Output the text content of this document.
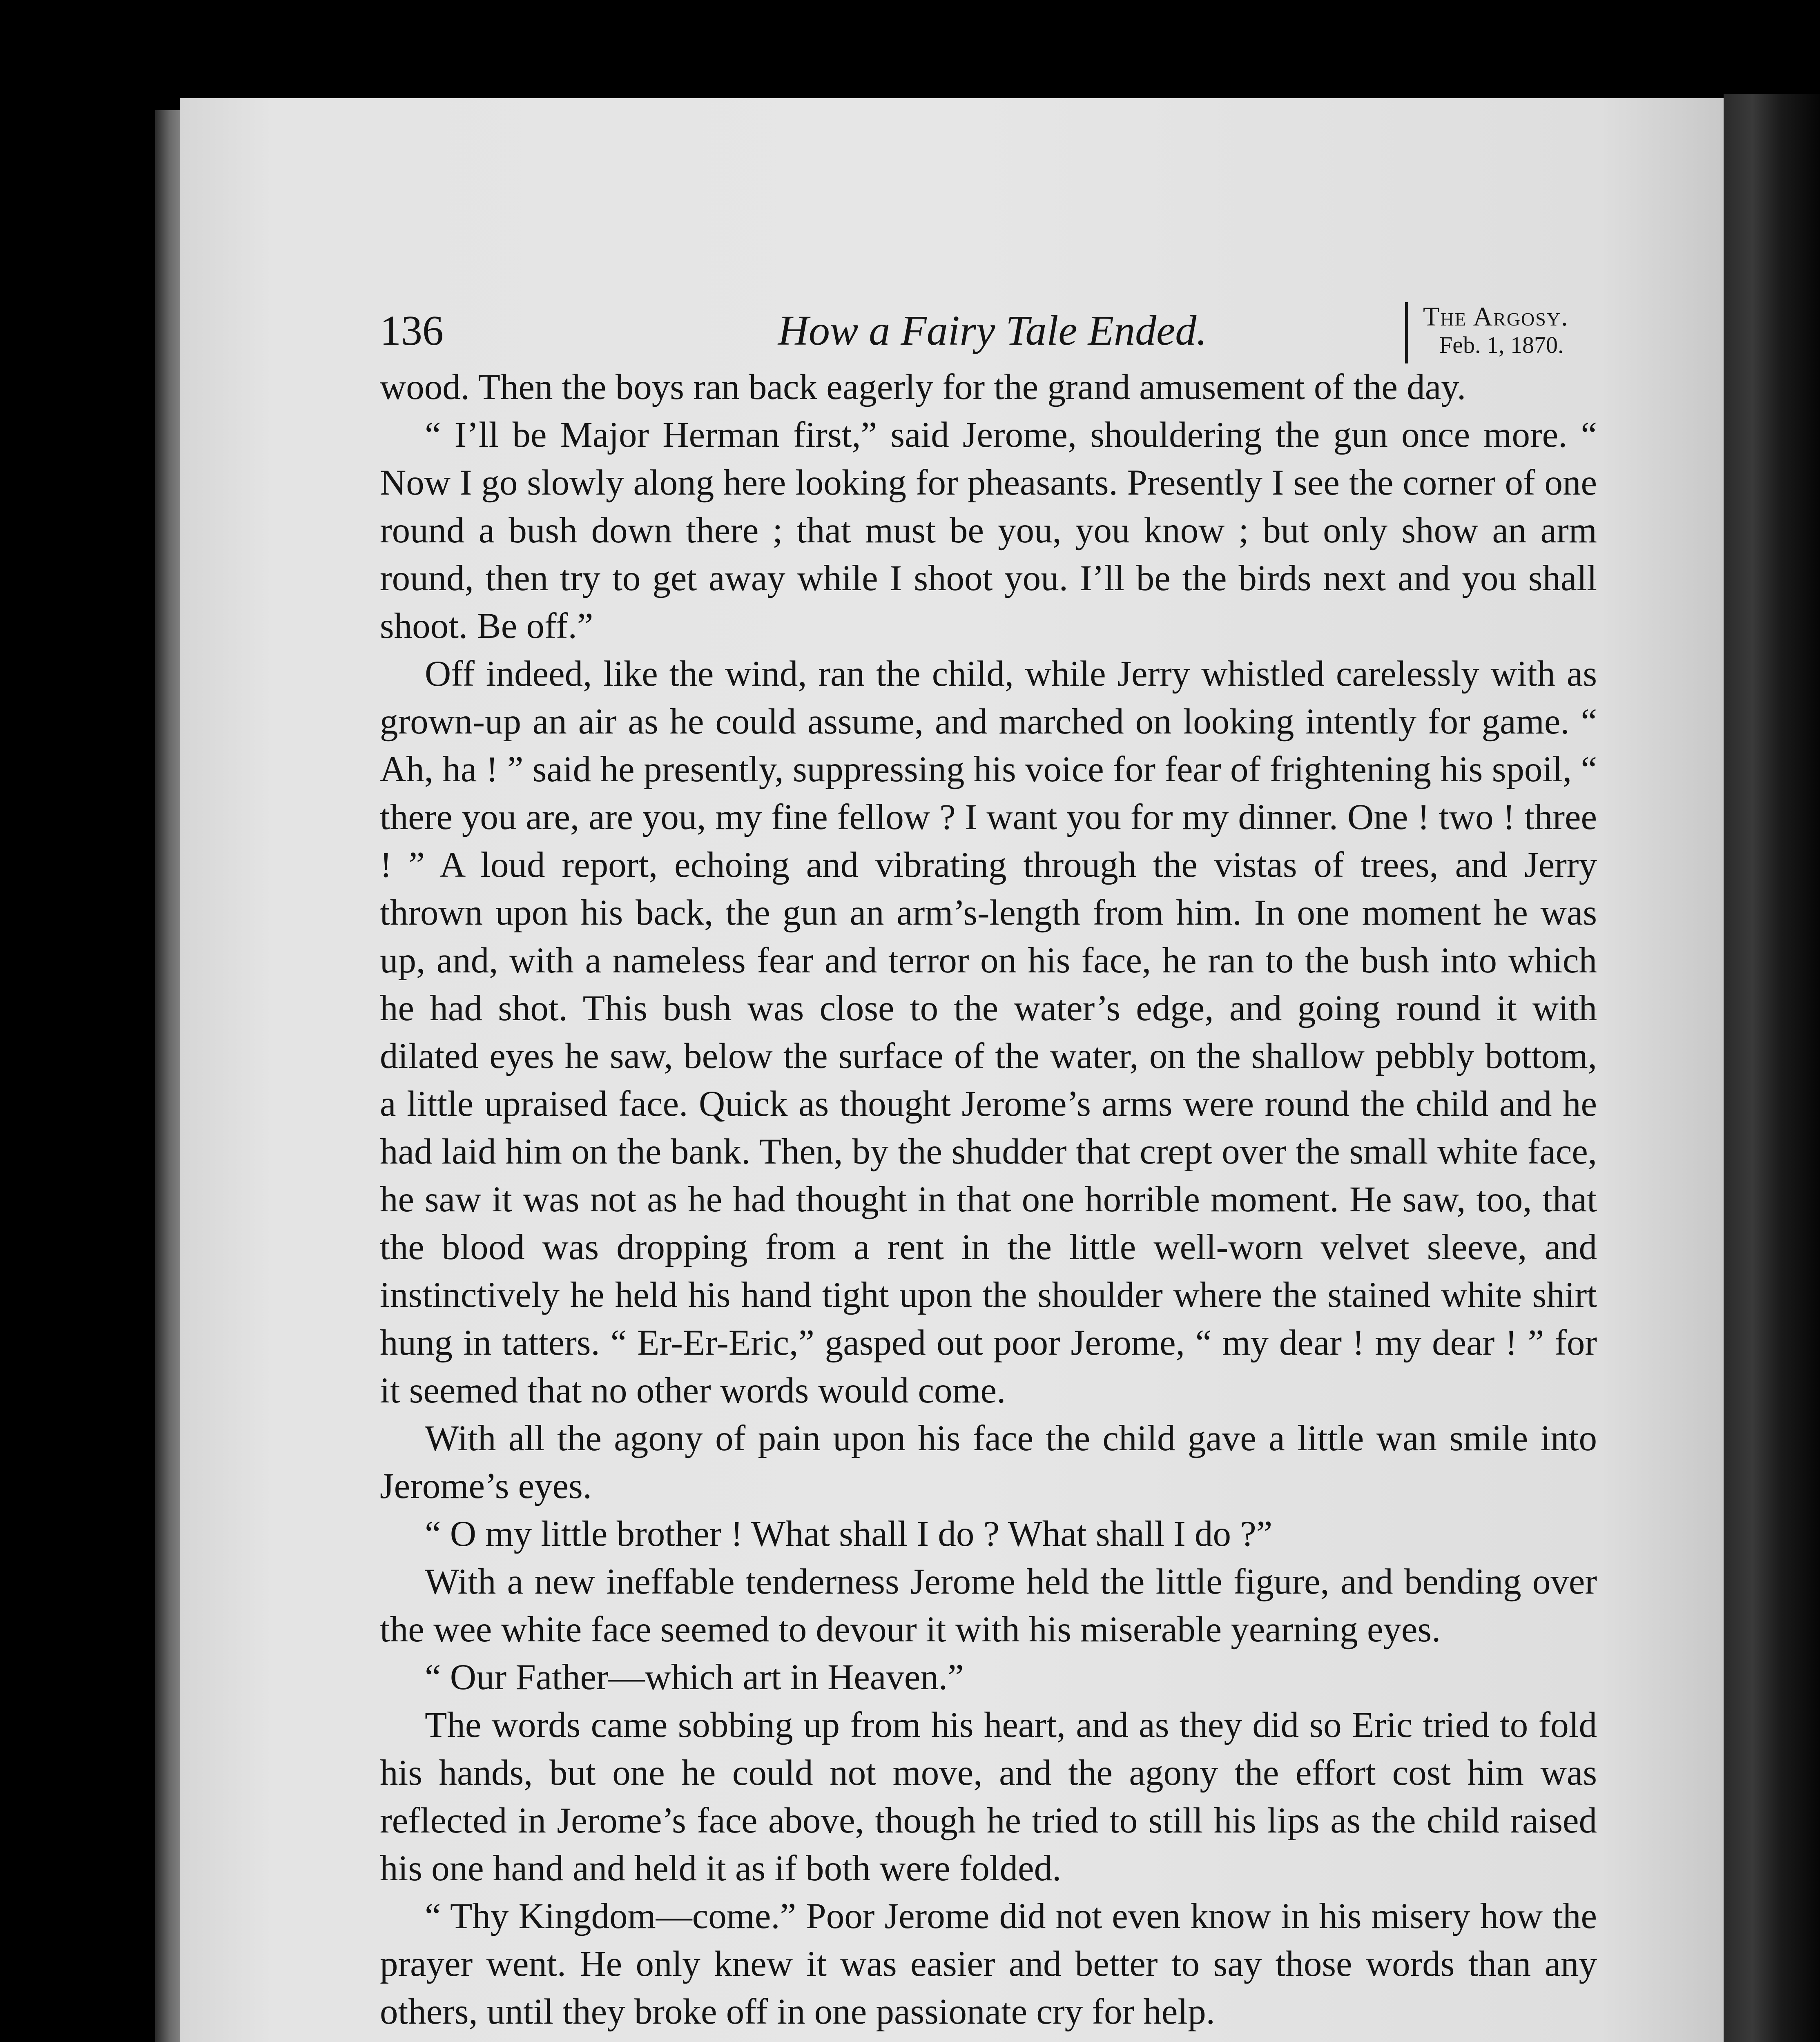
136	How a Fairy Tale Ended.	The Argosy.
Feb. 1, 1870.

wood. Then the boys ran back eagerly for the grand amusement of the day.

“ I’ll be Major Herman first,” said Jerome, shouldering the gun once more. “ Now I go slowly along here looking for pheasants. Presently I see the corner of one round a bush down there ; that must be you, you know ; but only show an arm round, then try to get away while I shoot you. I’ll be the birds next and you shall shoot. Be off.”

Off indeed, like the wind, ran the child, while Jerry whistled carelessly with as grown-up an air as he could assume, and marched on looking intently for game. “ Ah, ha ! ” said he presently, suppressing his voice for fear of frightening his spoil, “ there you are, are you, my fine fellow ? I want you for my dinner. One ! two ! three ! ” A loud report, echoing and vibrating through the vistas of trees, and Jerry thrown upon his back, the gun an arm’s-length from him. In one moment he was up, and, with a nameless fear and terror on his face, he ran to the bush into which he had shot. This bush was close to the water’s edge, and going round it with dilated eyes he saw, below the surface of the water, on the shallow pebbly bottom, a little upraised face. Quick as thought Jerome’s arms were round the child and he had laid him on the bank. Then, by the shudder that crept over the small white face, he saw it was not as he had thought in that one horrible moment. He saw, too, that the blood was dropping from a rent in the little well-worn velvet sleeve, and instinctively he held his hand tight upon the shoulder where the stained white shirt hung in tatters. “ Er-Er-Eric,” gasped out poor Jerome, “ my dear ! my dear ! ” for it seemed that no other words would come.

With all the agony of pain upon his face the child gave a little wan smile into Jerome’s eyes.

“ O my little brother ! What shall I do ? What shall I do ?”

With a new ineffable tenderness Jerome held the little figure, and bending over the wee white face seemed to devour it with his miserable yearning eyes.

“ Our Father—which art in Heaven.”

The words came sobbing up from his heart, and as they did so Eric tried to fold his hands, but one he could not move, and the agony the effort cost him was reflected in Jerome’s face above, though he tried to still his lips as the child raised his one hand and held it as if both were folded.

“ Thy Kingdom—come.” Poor Jerome did not even know in his misery how the prayer went. He only knew it was easier and better to say those words than any others, until they broke off in one passionate cry for help.
